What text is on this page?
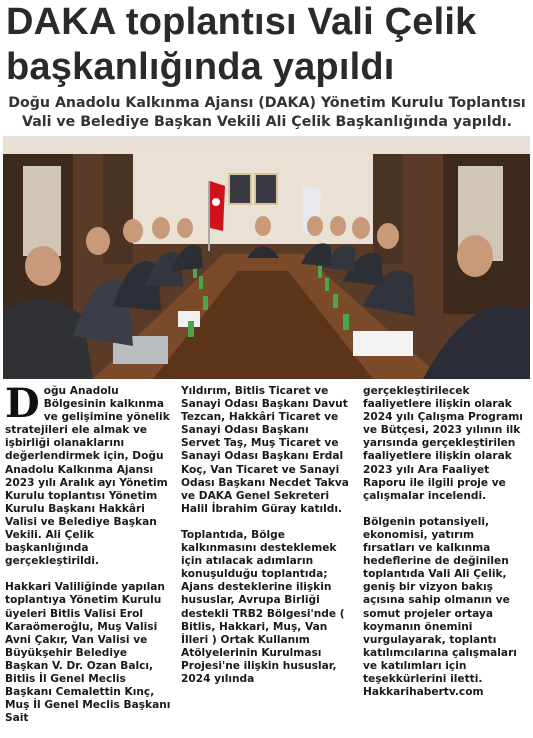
DAKA toplantısı Vali Çelik
başkanlığında yapıldı

Doğu Anadolu Kalkınma Ajansı (DAKA) Yönetim Kurulu Toplantısı Vali ve Belediye Başkan Vekili Ali Çelik Başkanlığında yapıldı.

Doğu Anadolu Bölgesinin kalkınma ve gelişimine yönelik stratejileri ele almak ve işbirliği olanaklarını değerlendirmek için, Doğu Anadolu Kalkınma Ajansı 2023 yılı Aralık ayı Yönetim Kurulu toplantısı Yönetim Kurulu Başkanı Hakkâri Valisi ve Belediye Başkan Vekili. Ali Çelik başkanlığında gerçekleştirildi.

Hakkari Valiliğinde yapılan toplantıya Yönetim Kurulu üyeleri Bitlis Valisi Erol Karaömeroğlu, Muş Valisi Avni Çakır, Van Valisi ve Büyükşehir Belediye Başkan V. Dr. Ozan Balcı, Bitlis İl Genel Meclis Başkanı Cemalettin Kınç, Muş İl Genel Meclis Başkanı Sait

Yıldırım, Bitlis Ticaret ve Sanayi Odası Başkanı Davut Tezcan, Hakkâri Ticaret ve Sanayi Odası Başkanı Servet Taş, Muş Ticaret ve Sanayi Odası Başkanı Erdal Koç, Van Ticaret ve Sanayi Odası Başkanı Necdet Takva ve DAKA Genel Sekreteri Halil İbrahim Güray katıldı.

Toplantıda, Bölge kalkınmasını desteklemek için atılacak adımların konuşulduğu toplantıda; Ajans desteklerine ilişkin hususlar, Avrupa Birliği destekli TRB2 Bölgesi'nde ( Bitlis, Hakkari, Muş, Van İlleri ) Ortak Kullanım Atölyelerinin Kurulması Projesi'ne ilişkin hususlar, 2024 yılında

gerçekleştirilecek faaliyetlere ilişkin olarak 2024 yılı Çalışma Programı ve Bütçesi, 2023 yılının ilk yarısında gerçekleştirilen faaliyetlere ilişkin olarak 2023 yılı Ara Faaliyet Raporu ile ilgili proje ve çalışmalar incelendi.

Bölgenin potansiyeli, ekonomisi, yatırım fırsatları ve kalkınma hedeflerine de değinilen toplantıda Vali Ali Çelik, geniş bir vizyon bakış açısına sahip olmanın ve somut projeler ortaya koymanın önemini vurgulayarak, toplantı katılımcılarına çalışmaları ve katılımları için teşekkürlerini iletti. Hakkarihabertv.com
